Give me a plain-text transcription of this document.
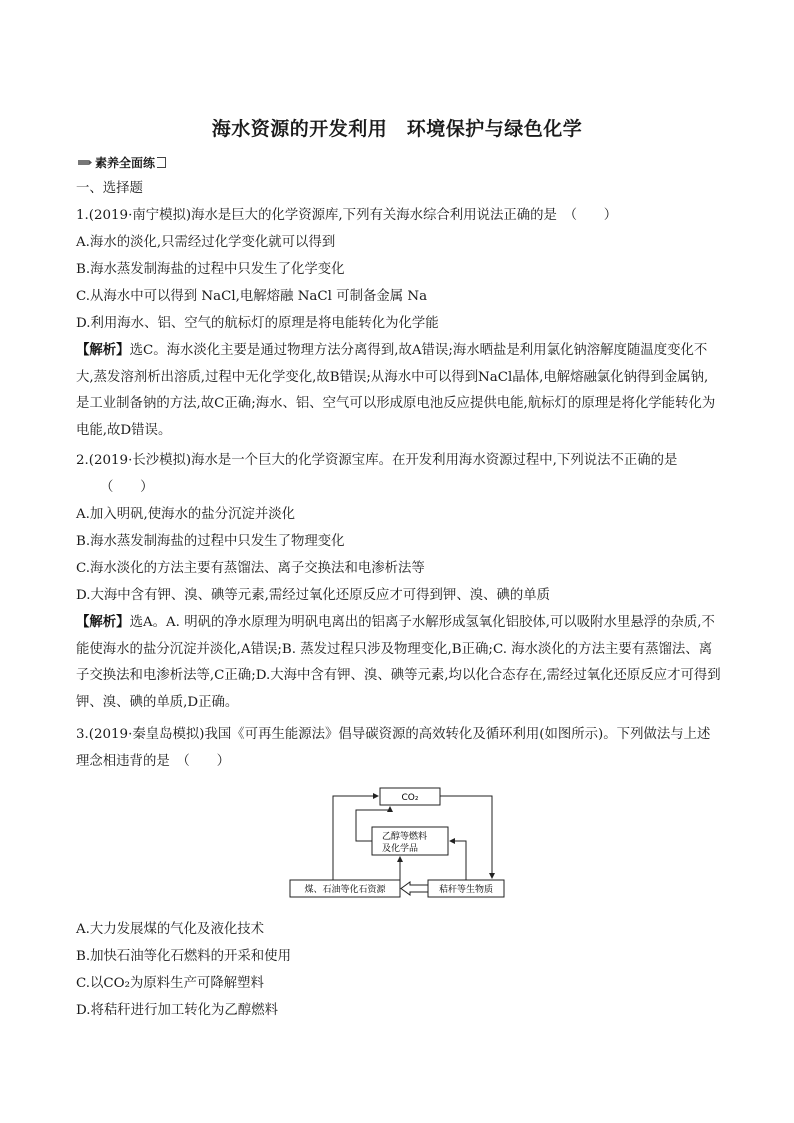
海水资源的开发利用　环境保护与绿色化学
素养全面练
一、选择题
1.(2019·南宁模拟)海水是巨大的化学资源库,下列有关海水综合利用说法正确的是　（　　）
A.海水的淡化,只需经过化学变化就可以得到
B.海水蒸发制海盐的过程中只发生了化学变化
C.从海水中可以得到 NaCl,电解熔融 NaCl 可制备金属 Na
D.利用海水、铝、空气的航标灯的原理是将电能转化为化学能
【解析】选C。海水淡化主要是通过物理方法分离得到,故A错误;海水晒盐是利用氯化钠溶解度随温度变化不大,蒸发溶剂析出溶质,过程中无化学变化,故B错误;从海水中可以得到NaCl晶体,电解熔融氯化钠得到金属钠,是工业制备钠的方法,故C正确;海水、铝、空气可以形成原电池反应提供电能,航标灯的原理是将化学能转化为电能,故D错误。
2.(2019·长沙模拟)海水是一个巨大的化学资源宝库。在开发利用海水资源过程中,下列说法不正确的是
（　　）
A.加入明矾,使海水的盐分沉淀并淡化
B.海水蒸发制海盐的过程中只发生了物理变化
C.海水淡化的方法主要有蒸馏法、离子交换法和电渗析法等
D.大海中含有钾、溴、碘等元素,需经过氧化还原反应才可得到钾、溴、碘的单质
【解析】选A。A. 明矾的净水原理为明矾电离出的铝离子水解形成氢氧化铝胶体,可以吸附水里悬浮的杂质,不能使海水的盐分沉淀并淡化,A错误;B. 蒸发过程只涉及物理变化,B正确;C. 海水淡化的方法主要有蒸馏法、离子交换法和电渗析法等,C正确;D.大海中含有钾、溴、碘等元素,均以化合态存在,需经过氧化还原反应才可得到钾、溴、碘的单质,D正确。
3.(2019·秦皇岛模拟)我国《可再生能源法》倡导碳资源的高效转化及循环利用(如图所示)。下列做法与上述理念相违背的是　（　　）
CO₂
乙醇等燃料
及化学品
煤、石油等化石资源	秸秆等生物质
A.大力发展煤的气化及液化技术
B.加快石油等化石燃料的开采和使用
C.以CO₂为原料生产可降解塑料
D.将秸秆进行加工转化为乙醇燃料
